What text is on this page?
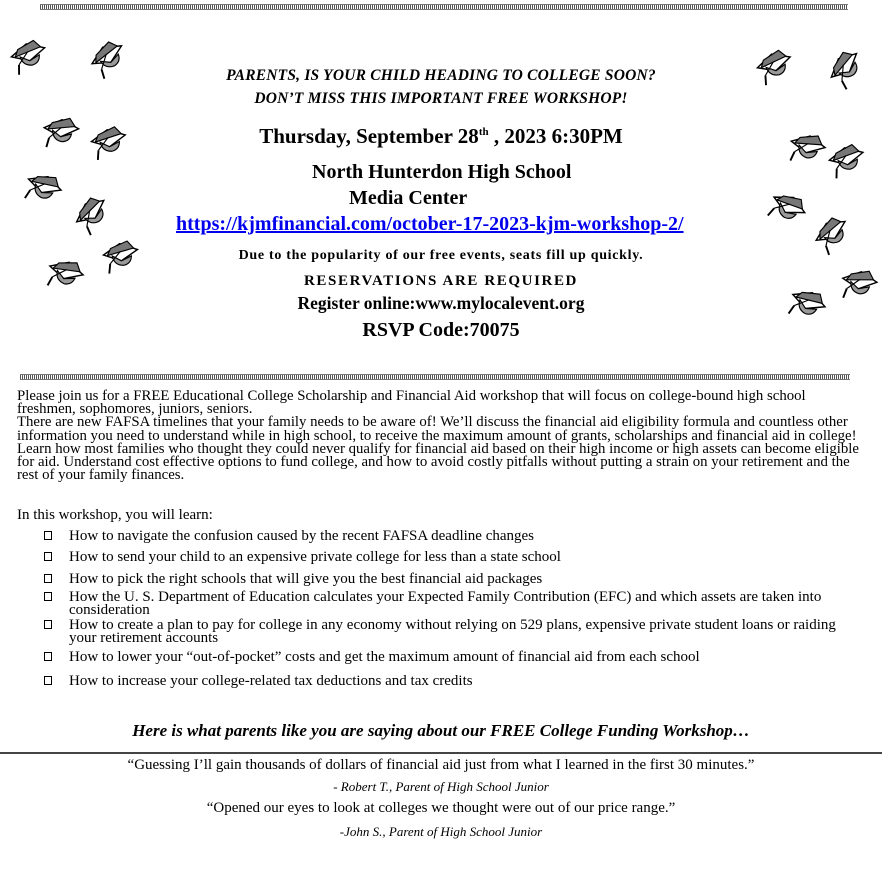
PARENTS, IS YOUR CHILD HEADING TO COLLEGE SOON?
DON’T MISS THIS IMPORTANT FREE WORKSHOP!
Thursday, September 28th , 2023 6:30PM
North Hunterdon High School
Media Center
https://kjmfinancial.com/october-17-2023-kjm-workshop-2/
Due to the popularity of our free events, seats fill up quickly.
RESERVATIONS ARE REQUIRED
Register online:www.mylocalevent.org
RSVP Code:70075

Please join us for a FREE Educational College Scholarship and Financial Aid workshop that will focus on college-bound high school freshmen, sophomores, juniors, seniors.

There are new FAFSA timelines that your family needs to be aware of! We’ll discuss the financial aid eligibility formula and countless other information you need to understand while in high school, to receive the maximum amount of grants, scholarships and financial aid in college!

Learn how most families who thought they could never qualify for financial aid based on their high income or high assets can become eligible for aid. Understand cost effective options to fund college, and how to avoid costly pitfalls without putting a strain on your retirement and the rest of your family finances.

In this workshop, you will learn:
How to navigate the confusion caused by the recent FAFSA deadline changes
How to send your child to an expensive private college for less than a state school
How to pick the right schools that will give you the best financial aid packages
How the U. S. Department of Education calculates your Expected Family Contribution (EFC) and which assets are taken into consideration
How to create a plan to pay for college in any economy without relying on 529 plans, expensive private student loans or raiding your retirement accounts
How to lower your “out-of-pocket” costs and get the maximum amount of financial aid from each school
How to increase your college-related tax deductions and tax credits
Here is what parents like you are saying about our FREE College Funding Workshop…
“Guessing I’ll gain thousands of dollars of financial aid just from what I learned in the first 30 minutes.”
- Robert T., Parent of High School Junior
“Opened our eyes to look at colleges we thought were out of our price range.”
-John S., Parent of High School Junior
